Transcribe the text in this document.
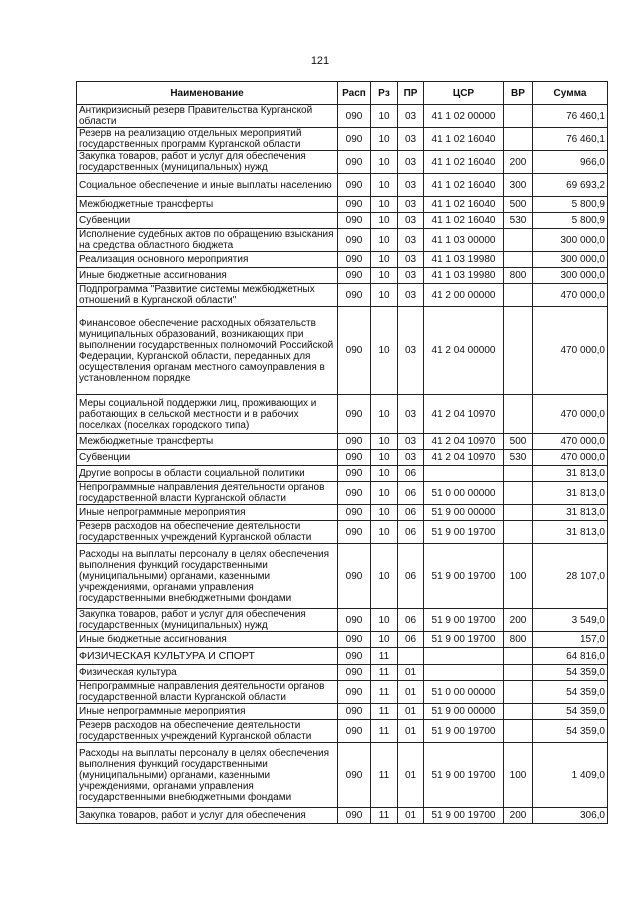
121
Наименование	Расп	Рз	ПР	ЦСР	ВР	Сумма
Антикризисный резерв Правительства Курганской области	090	10	03	41 1 02 00000		76 460,1
Резерв на реализацию отдельных мероприятий государственных программ Курганской области	090	10	03	41 1 02 16040		76 460,1
Закупка товаров, работ и услуг для обеспечения государственных (муниципальных) нужд	090	10	03	41 1 02 16040	200	966,0
Социальное обеспечение и иные выплаты населению	090	10	03	41 1 02 16040	300	69 693,2
Межбюджетные трансферты	090	10	03	41 1 02 16040	500	5 800,9
Субвенции	090	10	03	41 1 02 16040	530	5 800,9
Исполнение судебных актов по обращению взыскания на средства областного бюджета	090	10	03	41 1 03 00000		300 000,0
Реализация основного мероприятия	090	10	03	41 1 03 19980		300 000,0
Иные бюджетные ассигнования	090	10	03	41 1 03 19980	800	300 000,0
Подпрограмма "Развитие системы межбюджетных отношений в Курганской области"	090	10	03	41 2 00 00000		470 000,0
Финансовое обеспечение расходных обязательств муниципальных образований, возникающих при выполнении государственных полномочий Российской Федерации, Курганской области, переданных для осуществления органам местного самоуправления в установленном порядке	090	10	03	41 2 04 00000		470 000,0
Меры социальной поддержки лиц, проживающих и работающих в сельской местности и в рабочих поселках (поселках городского типа)	090	10	03	41 2 04 10970		470 000,0
Межбюджетные трансферты	090	10	03	41 2 04 10970	500	470 000,0
Субвенции	090	10	03	41 2 04 10970	530	470 000,0
Другие вопросы в области социальной политики	090	10	06			31 813,0
Непрограммные направления деятельности органов государственной власти Курганской области	090	10	06	51 0 00 00000		31 813,0
Иные непрограммные мероприятия	090	10	06	51 9 00 00000		31 813,0
Резерв расходов на обеспечение деятельности государственных учреждений Курганской области	090	10	06	51 9 00 19700		31 813,0
Расходы на выплаты персоналу в целях обеспечения выполнения функций государственными (муниципальными) органами, казенными учреждениями, органами управления государственными внебюджетными фондами	090	10	06	51 9 00 19700	100	28 107,0
Закупка товаров, работ и услуг для обеспечения государственных (муниципальных) нужд	090	10	06	51 9 00 19700	200	3 549,0
Иные бюджетные ассигнования	090	10	06	51 9 00 19700	800	157,0
ФИЗИЧЕСКАЯ КУЛЬТУРА И СПОРТ	090	11				64 816,0
Физическая культура	090	11	01			54 359,0
Непрограммные направления деятельности органов государственной власти Курганской области	090	11	01	51 0 00 00000		54 359,0
Иные непрограммные мероприятия	090	11	01	51 9 00 00000		54 359,0
Резерв расходов на обеспечение деятельности государственных учреждений Курганской области	090	11	01	51 9 00 19700		54 359,0
Расходы на выплаты персоналу в целях обеспечения выполнения функций государственными (муниципальными) органами, казенными учреждениями, органами управления государственными внебюджетными фондами	090	11	01	51 9 00 19700	100	1 409,0
Закупка товаров, работ и услуг для обеспечения	090	11	01	51 9 00 19700	200	306,0
